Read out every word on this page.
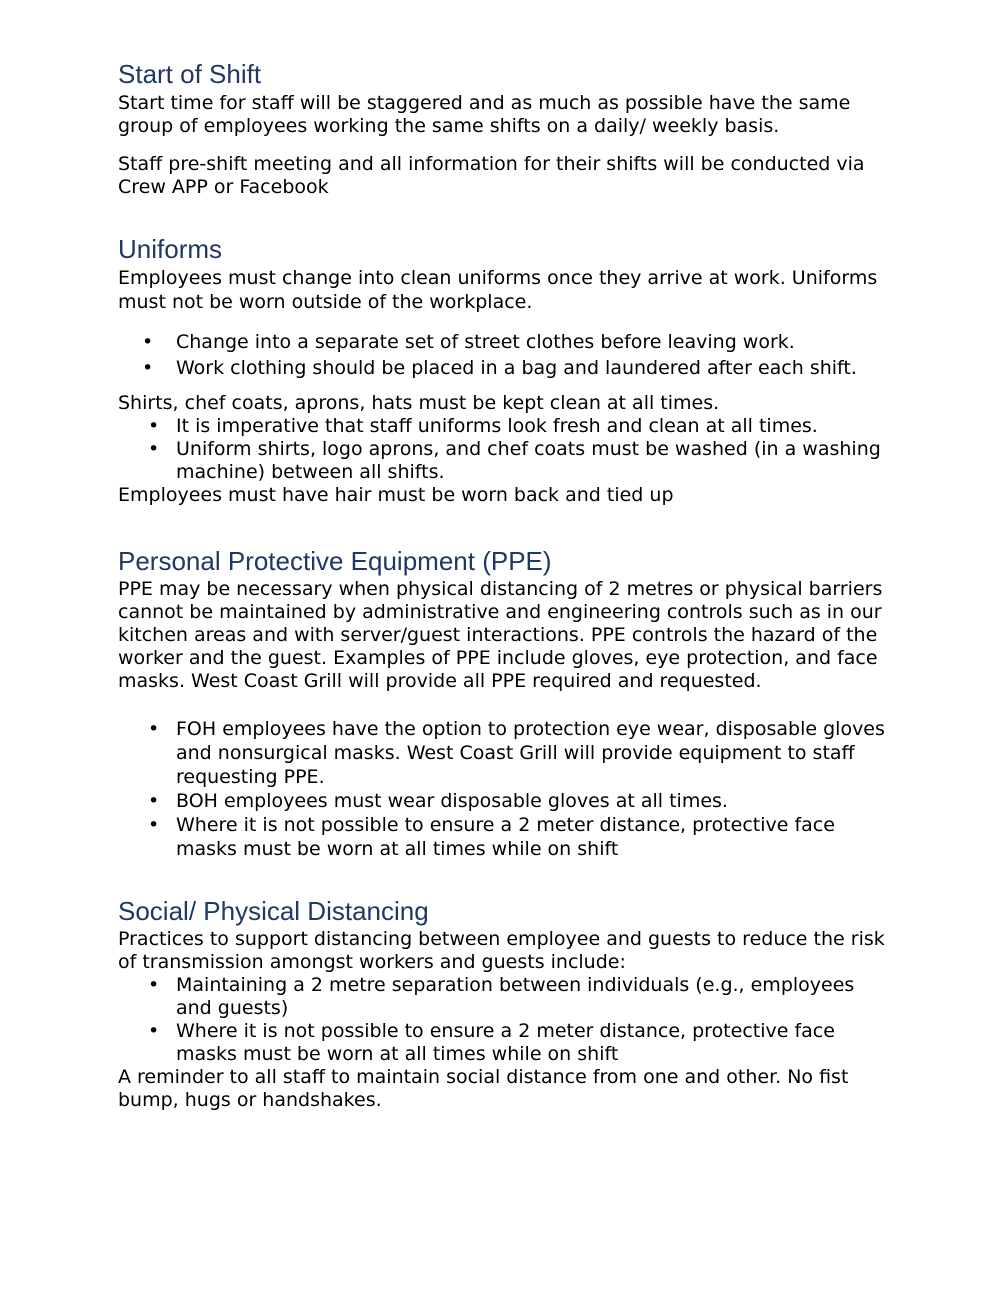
Start of Shift

Start time for staff will be staggered and as much as possible have the same group of employees working the same shifts on a daily/ weekly basis.

Staff pre-shift meeting and all information for their shifts will be conducted via Crew APP or Facebook

Uniforms

Employees must change into clean uniforms once they arrive at work. Uniforms must not be worn outside of the workplace.

• Change into a separate set of street clothes before leaving work.
• Work clothing should be placed in a bag and laundered after each shift.

Shirts, chef coats, aprons, hats must be kept clean at all times.

• It is imperative that staff uniforms look fresh and clean at all times.
• Uniform shirts, logo aprons, and chef coats must be washed (in a washing machine) between all shifts.

Employees must have hair must be worn back and tied up

Personal Protective Equipment (PPE)

PPE may be necessary when physical distancing of 2 metres or physical barriers cannot be maintained by administrative and engineering controls such as in our kitchen areas and with server/guest interactions. PPE controls the hazard of the worker and the guest. Examples of PPE include gloves, eye protection, and face masks. West Coast Grill will provide all PPE required and requested.

• FOH employees have the option to protection eye wear, disposable gloves and nonsurgical masks. West Coast Grill will provide equipment to staff requesting PPE.
• BOH employees must wear disposable gloves at all times.
• Where it is not possible to ensure a 2 meter distance, protective face masks must be worn at all times while on shift
Social/ Physical Distancing

Practices to support distancing between employee and guests to reduce the risk of transmission amongst workers and guests include:

• Maintaining a 2 metre separation between individuals (e.g., employees and guests)
• Where it is not possible to ensure a 2 meter distance, protective face masks must be worn at all times while on shift

A reminder to all staff to maintain social distance from one and other. No fist bump, hugs or handshakes.
